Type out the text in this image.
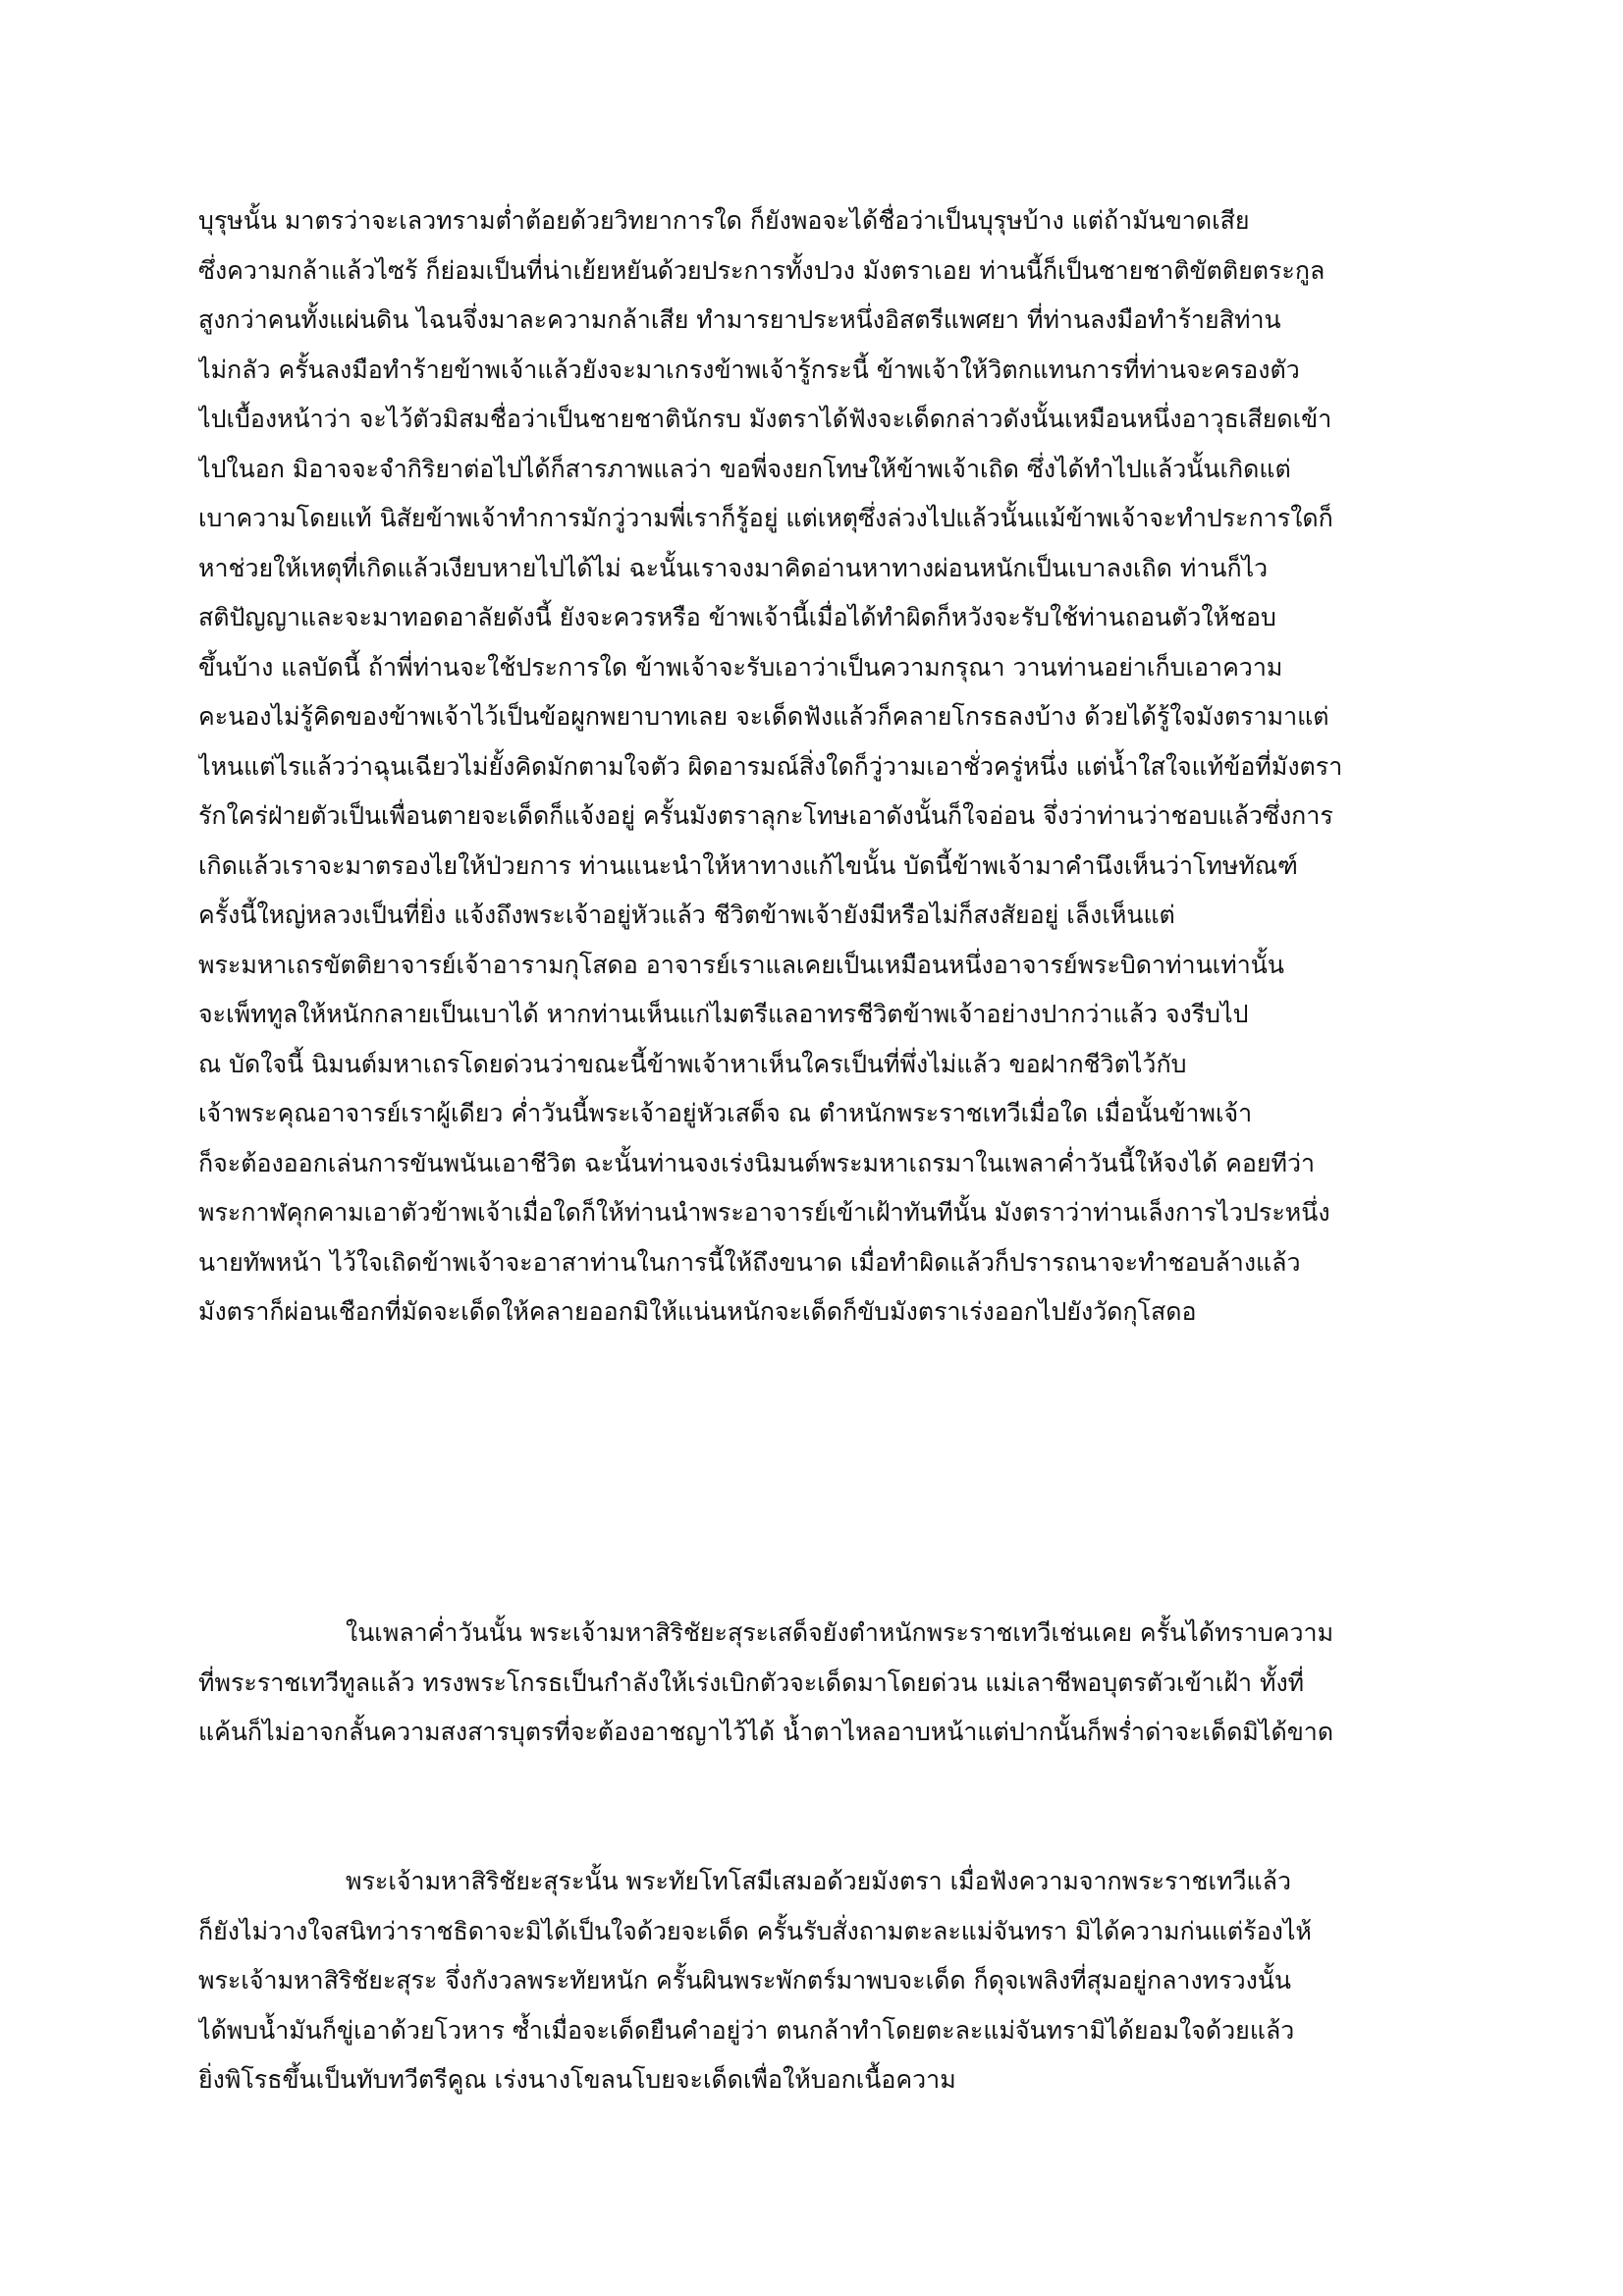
บุรุษนั้น มาตรว่าจะเลวทรามต่ำต้อยด้วยวิทยาการใด ก็ยังพอจะได้ชื่อว่าเป็นบุรุษบ้าง แต่ถ้ามันขาดเสีย
ซึ่งความกล้าแล้วไซร้ ก็ย่อมเป็นที่น่าเย้ยหยันด้วยประการทั้งปวง มังตราเอย ท่านนี้ก็เป็นชายชาติขัตติยตระกูล
สูงกว่าคนทั้งแผ่นดิน ไฉนจึ่งมาละความกล้าเสีย ทำมารยาประหนึ่งอิสตรีแพศยา ที่ท่านลงมือทำร้ายสิท่าน
ไม่กลัว ครั้นลงมือทำร้ายข้าพเจ้าแล้วยังจะมาเกรงข้าพเจ้ารู้กระนี้ ข้าพเจ้าให้วิตกแทนการที่ท่านจะครองตัว
ไปเบื้องหน้าว่า จะไว้ตัวมิสมชื่อว่าเป็นชายชาตินักรบ มังตราได้ฟังจะเด็ดกล่าวดังนั้นเหมือนหนึ่งอาวุธเสียดเข้า
ไปในอก มิอาจจะจำกิริยาต่อไปได้ก็สารภาพแลว่า ขอพี่จงยกโทษให้ข้าพเจ้าเถิด ซึ่งได้ทำไปแล้วนั้นเกิดแต่
เบาความโดยแท้ นิสัยข้าพเจ้าทำการมักวู่วามพี่เราก็รู้อยู่ แต่เหตุซึ่งล่วงไปแล้วนั้นแม้ข้าพเจ้าจะทำประการใดก็
หาช่วยให้เหตุที่เกิดแล้วเงียบหายไปได้ไม่ ฉะนั้นเราจงมาคิดอ่านหาทางผ่อนหนักเป็นเบาลงเถิด ท่านก็ไว
สติปัญญาและจะมาทอดอาลัยดังนี้ ยังจะควรหรือ ข้าพเจ้านี้เมื่อได้ทำผิดก็หวังจะรับใช้ท่านถอนตัวให้ชอบ
ขึ้นบ้าง แลบัดนี้ ถ้าพี่ท่านจะใช้ประการใด ข้าพเจ้าจะรับเอาว่าเป็นความกรุณา วานท่านอย่าเก็บเอาความ
คะนองไม่รู้คิดของข้าพเจ้าไว้เป็นข้อผูกพยาบาทเลย จะเด็ดฟังแล้วก็คลายโกรธลงบ้าง ด้วยได้รู้ใจมังตรามาแต่
ไหนแต่ไรแล้วว่าฉุนเฉียวไม่ยั้งคิดมักตามใจตัว ผิดอารมณ์สิ่งใดก็วู่วามเอาชั่วครู่หนึ่ง แต่น้ำใสใจแท้ข้อที่มังตรา
รักใคร่ฝ่ายตัวเป็นเพื่อนตายจะเด็ดก็แจ้งอยู่ ครั้นมังตราลุกะโทษเอาดังนั้นก็ใจอ่อน จึ่งว่าท่านว่าชอบแล้วซึ่งการ
เกิดแล้วเราจะมาตรองไยให้ป่วยการ ท่านแนะนำให้หาทางแก้ไขนั้น บัดนี้ข้าพเจ้ามาคำนึงเห็นว่าโทษทัณฑ์
ครั้งนี้ใหญ่หลวงเป็นที่ยิ่ง แจ้งถึงพระเจ้าอยู่หัวแล้ว ชีวิตข้าพเจ้ายังมีหรือไม่ก็สงสัยอยู่ เล็งเห็นแต่
พระมหาเถรขัตติยาจารย์เจ้าอารามกุโสดอ อาจารย์เราแลเคยเป็นเหมือนหนึ่งอาจารย์พระบิดาท่านเท่านั้น
จะเพ็ททูลให้หนักกลายเป็นเบาได้ หากท่านเห็นแก่ไมตรีแลอาทรชีวิตข้าพเจ้าอย่างปากว่าแล้ว จงรีบไป
ณ บัดใจนี้ นิมนต์มหาเถรโดยด่วนว่าขณะนี้ข้าพเจ้าหาเห็นใครเป็นที่พึ่งไม่แล้ว ขอฝากชีวิตไว้กับ
เจ้าพระคุณอาจารย์เราผู้เดียว ค่ำวันนี้พระเจ้าอยู่หัวเสด็จ ณ ตำหนักพระราชเทวีเมื่อใด เมื่อนั้นข้าพเจ้า
ก็จะต้องออกเล่นการขันพนันเอาชีวิต ฉะนั้นท่านจงเร่งนิมนต์พระมหาเถรมาในเพลาค่ำวันนี้ให้จงได้ คอยทีว่า
พระกาฬคุกคามเอาตัวข้าพเจ้าเมื่อใดก็ให้ท่านนำพระอาจารย์เข้าเฝ้าทันทีนั้น มังตราว่าท่านเล็งการไวประหนึ่ง
นายทัพหน้า ไว้ใจเถิดข้าพเจ้าจะอาสาท่านในการนี้ให้ถึงขนาด เมื่อทำผิดแล้วก็ปรารถนาจะทำชอบล้างแล้ว
มังตราก็ผ่อนเชือกที่มัดจะเด็ดให้คลายออกมิให้แน่นหนักจะเด็ดก็ขับมังตราเร่งออกไปยังวัดกุโสดอ
ในเพลาค่ำวันนั้น พระเจ้ามหาสิริชัยะสุระเสด็จยังตำหนักพระราชเทวีเช่นเคย ครั้นได้ทราบความ
ที่พระราชเทวีทูลแล้ว ทรงพระโกรธเป็นกำลังให้เร่งเบิกตัวจะเด็ดมาโดยด่วน แม่เลาชีพอบุตรตัวเข้าเฝ้า ทั้งที่
แค้นก็ไม่อาจกลั้นความสงสารบุตรที่จะต้องอาชญาไว้ได้ น้ำตาไหลอาบหน้าแต่ปากนั้นก็พร่ำด่าจะเด็ดมิได้ขาด
พระเจ้ามหาสิริชัยะสุระนั้น พระทัยโทโสมีเสมอด้วยมังตรา เมื่อฟังความจากพระราชเทวีแล้ว
ก็ยังไม่วางใจสนิทว่าราชธิดาจะมิได้เป็นใจด้วยจะเด็ด ครั้นรับสั่งถามตะละแม่จันทรา มิได้ความก่นแต่ร้องไห้
พระเจ้ามหาสิริชัยะสุระ จึ่งกังวลพระทัยหนัก ครั้นผินพระพักตร์มาพบจะเด็ด ก็ดุจเพลิงที่สุมอยู่กลางทรวงนั้น
ได้พบน้ำมันก็ขู่เอาด้วยโวหาร ซ้ำเมื่อจะเด็ดยืนคำอยู่ว่า ตนกล้าทำโดยตะละแม่จันทรามิได้ยอมใจด้วยแล้ว
ยิ่งพิโรธขึ้นเป็นทับทวีตรีคูณ เร่งนางโขลนโบยจะเด็ดเพื่อให้บอกเนื้อความ
